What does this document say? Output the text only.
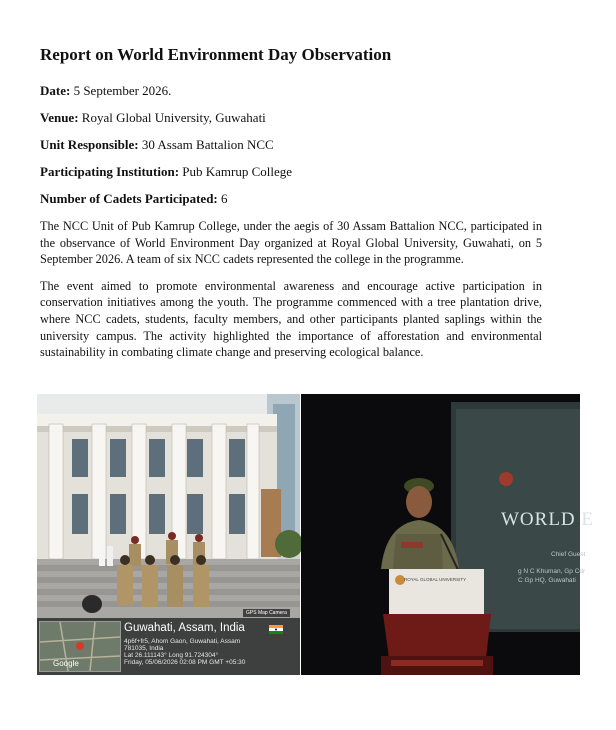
Report on World Environment Day Observation
Date: 5 September 2026.
Venue: Royal Global University, Guwahati
Unit Responsible: 30 Assam Battalion NCC
Participating Institution: Pub Kamrup College
Number of Cadets Participated: 6

The NCC Unit of Pub Kamrup College, under the aegis of 30 Assam Battalion NCC, participated in the observance of World Environment Day organized at Royal Global University, Guwahati, on 5 September 2026. A team of six NCC cadets represented the college in the programme.

The event aimed to promote environmental awareness and encourage active participation in conservation initiatives among the youth. The programme commenced with a tree plantation drive, where NCC cadets, students, faculty members, and other participants planted saplings within the university campus. The activity highlighted the importance of afforestation and environmental sustainability in combating climate change and preserving ecological balance.

Google
GPS Map Camera
Guwahati, Assam, India
4p6f+fr5, Ahom Gaon, Guwahati, Assam
781035, India
Lat 26.111143° Long 91.724304°
Friday, 05/06/2026 02:08 PM GMT +05:30
WORLD E
Chief Guest
g N C Khuman, Gp Cdr
C Gp HQ, Guwahati
ROYAL GLOBAL UNIVERSITY
